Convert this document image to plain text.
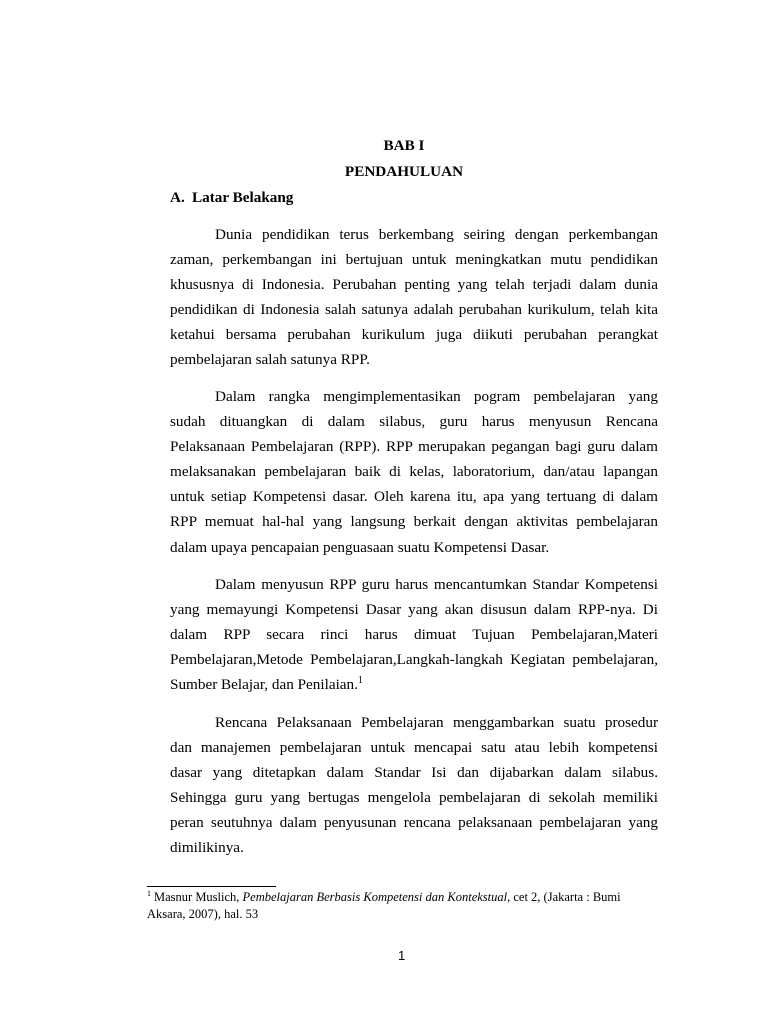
BAB I
PENDAHULUAN
A. Latar Belakang
Dunia pendidikan terus berkembang seiring dengan perkembangan
zaman, perkembangan ini bertujuan untuk meningkatkan mutu pendidikan
khususnya di Indonesia. Perubahan penting yang telah terjadi dalam dunia
pendidikan di Indonesia salah satunya adalah perubahan kurikulum, telah kita
ketahui bersama perubahan kurikulum juga diikuti perubahan perangkat
pembelajaran salah satunya RPP.
Dalam rangka mengimplementasikan pogram pembelajaran yang
sudah dituangkan di dalam silabus, guru harus menyusun Rencana
Pelaksanaan Pembelajaran (RPP). RPP merupakan pegangan bagi guru dalam
melaksanakan pembelajaran baik di kelas, laboratorium, dan/atau lapangan
untuk setiap Kompetensi dasar. Oleh karena itu, apa yang tertuang di dalam
RPP memuat hal-hal yang langsung berkait dengan aktivitas pembelajaran
dalam upaya pencapaian penguasaan suatu Kompetensi Dasar.
Dalam menyusun RPP guru harus mencantumkan Standar Kompetensi
yang memayungi Kompetensi Dasar yang akan disusun dalam RPP-nya. Di
dalam RPP secara rinci harus dimuat Tujuan Pembelajaran,Materi
Pembelajaran,Metode Pembelajaran,Langkah-langkah Kegiatan pembelajaran,
Sumber Belajar, dan Penilaian.$^1$
Rencana Pelaksanaan Pembelajaran menggambarkan suatu prosedur
dan manajemen pembelajaran untuk mencapai satu atau lebih kompetensi
dasar yang ditetapkan dalam Standar Isi dan dijabarkan dalam silabus.
Sehingga guru yang bertugas mengelola pembelajaran di sekolah memiliki
peran seutuhnya dalam penyusunan rencana pelaksanaan pembelajaran yang
dimilikinya.
$^1$ Masnur Muslich, Pembelajaran Berbasis Kompetensi dan Kontekstual, cet 2, (Jakarta : Bumi
Aksara, 2007), hal. 53
1
